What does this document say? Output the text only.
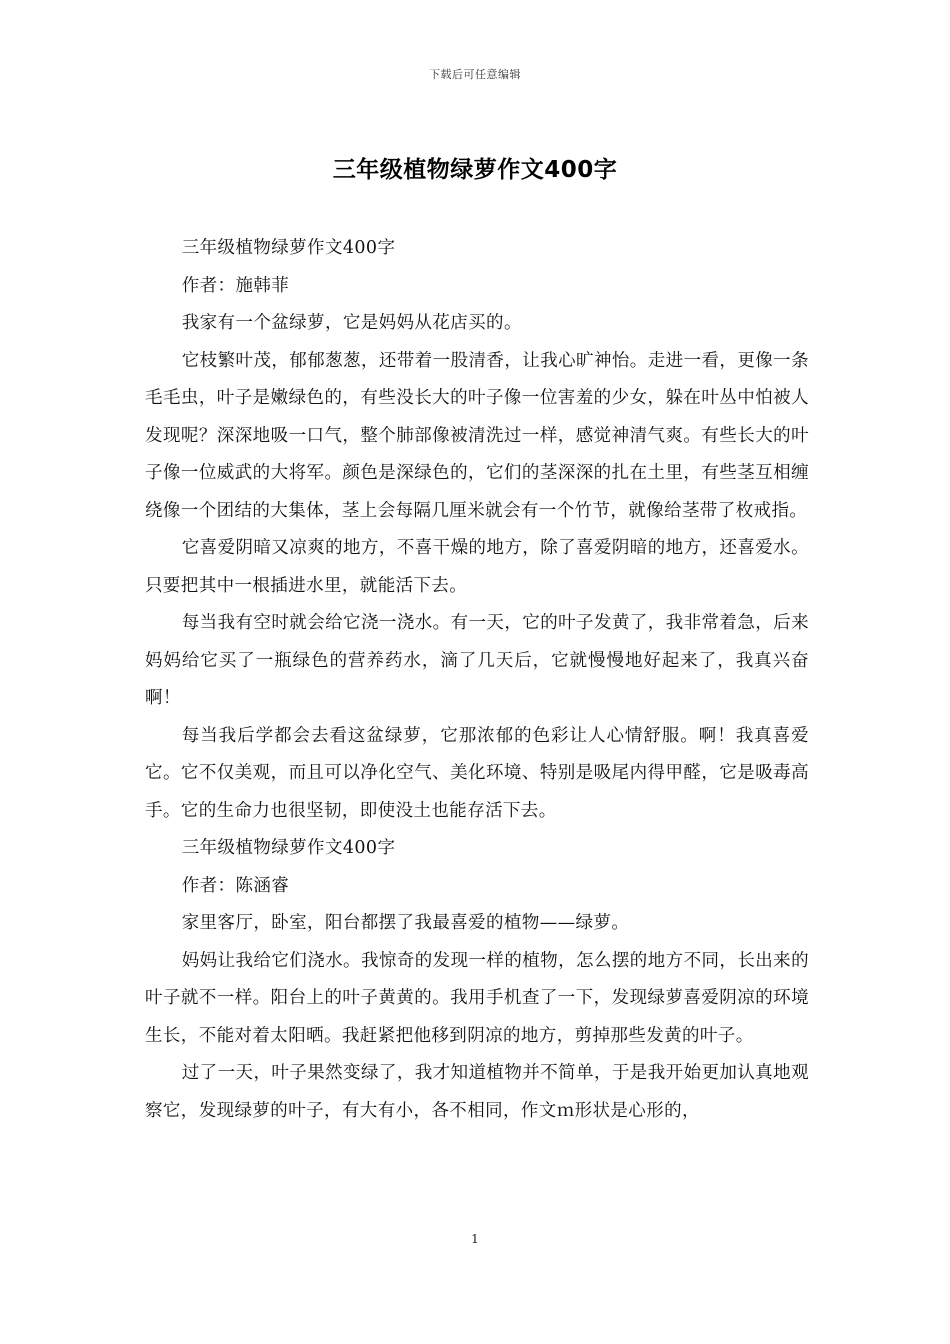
下载后可任意编辑
三年级植物绿萝作文400字

三年级植物绿萝作文400字

作者：施韩菲

我家有一个盆绿萝，它是妈妈从花店买的。

它枝繁叶茂，郁郁葱葱，还带着一股清香，让我心旷神怡。走进一看，更像一条毛毛虫，叶子是嫩绿色的，有些没长大的叶子像一位害羞的少女，躲在叶丛中怕被人发现呢？深深地吸一口气，整个肺部像被清洗过一样，感觉神清气爽。有些长大的叶子像一位威武的大将军。颜色是深绿色的，它们的茎深深的扎在土里，有些茎互相缠绕像一个团结的大集体，茎上会每隔几厘米就会有一个竹节，就像给茎带了枚戒指。

它喜爱阴暗又凉爽的地方，不喜干燥的地方，除了喜爱阴暗的地方，还喜爱水。只要把其中一根插进水里，就能活下去。

每当我有空时就会给它浇一浇水。有一天，它的叶子发黄了，我非常着急，后来妈妈给它买了一瓶绿色的营养药水，滴了几天后，它就慢慢地好起来了，我真兴奋啊！

每当我后学都会去看这盆绿萝，它那浓郁的色彩让人心情舒服。啊！我真喜爱它。它不仅美观，而且可以净化空气、美化环境、特别是吸尾内得甲醛，它是吸毒高手。它的生命力也很坚韧，即使没土也能存活下去。

三年级植物绿萝作文400字

作者：陈涵睿

家里客厅，卧室，阳台都摆了我最喜爱的植物——绿萝。

妈妈让我给它们浇水。我惊奇的发现一样的植物，怎么摆的地方不同，长出来的叶子就不一样。阳台上的叶子黄黄的。我用手机查了一下，发现绿萝喜爱阴凉的环境生长，不能对着太阳晒。我赶紧把他移到阴凉的地方，剪掉那些发黄的叶子。

过了一天，叶子果然变绿了，我才知道植物并不简单，于是我开始更加认真地观察它，发现绿萝的叶子，有大有小，各不相同，作文ｍ形状是心形的，

1
